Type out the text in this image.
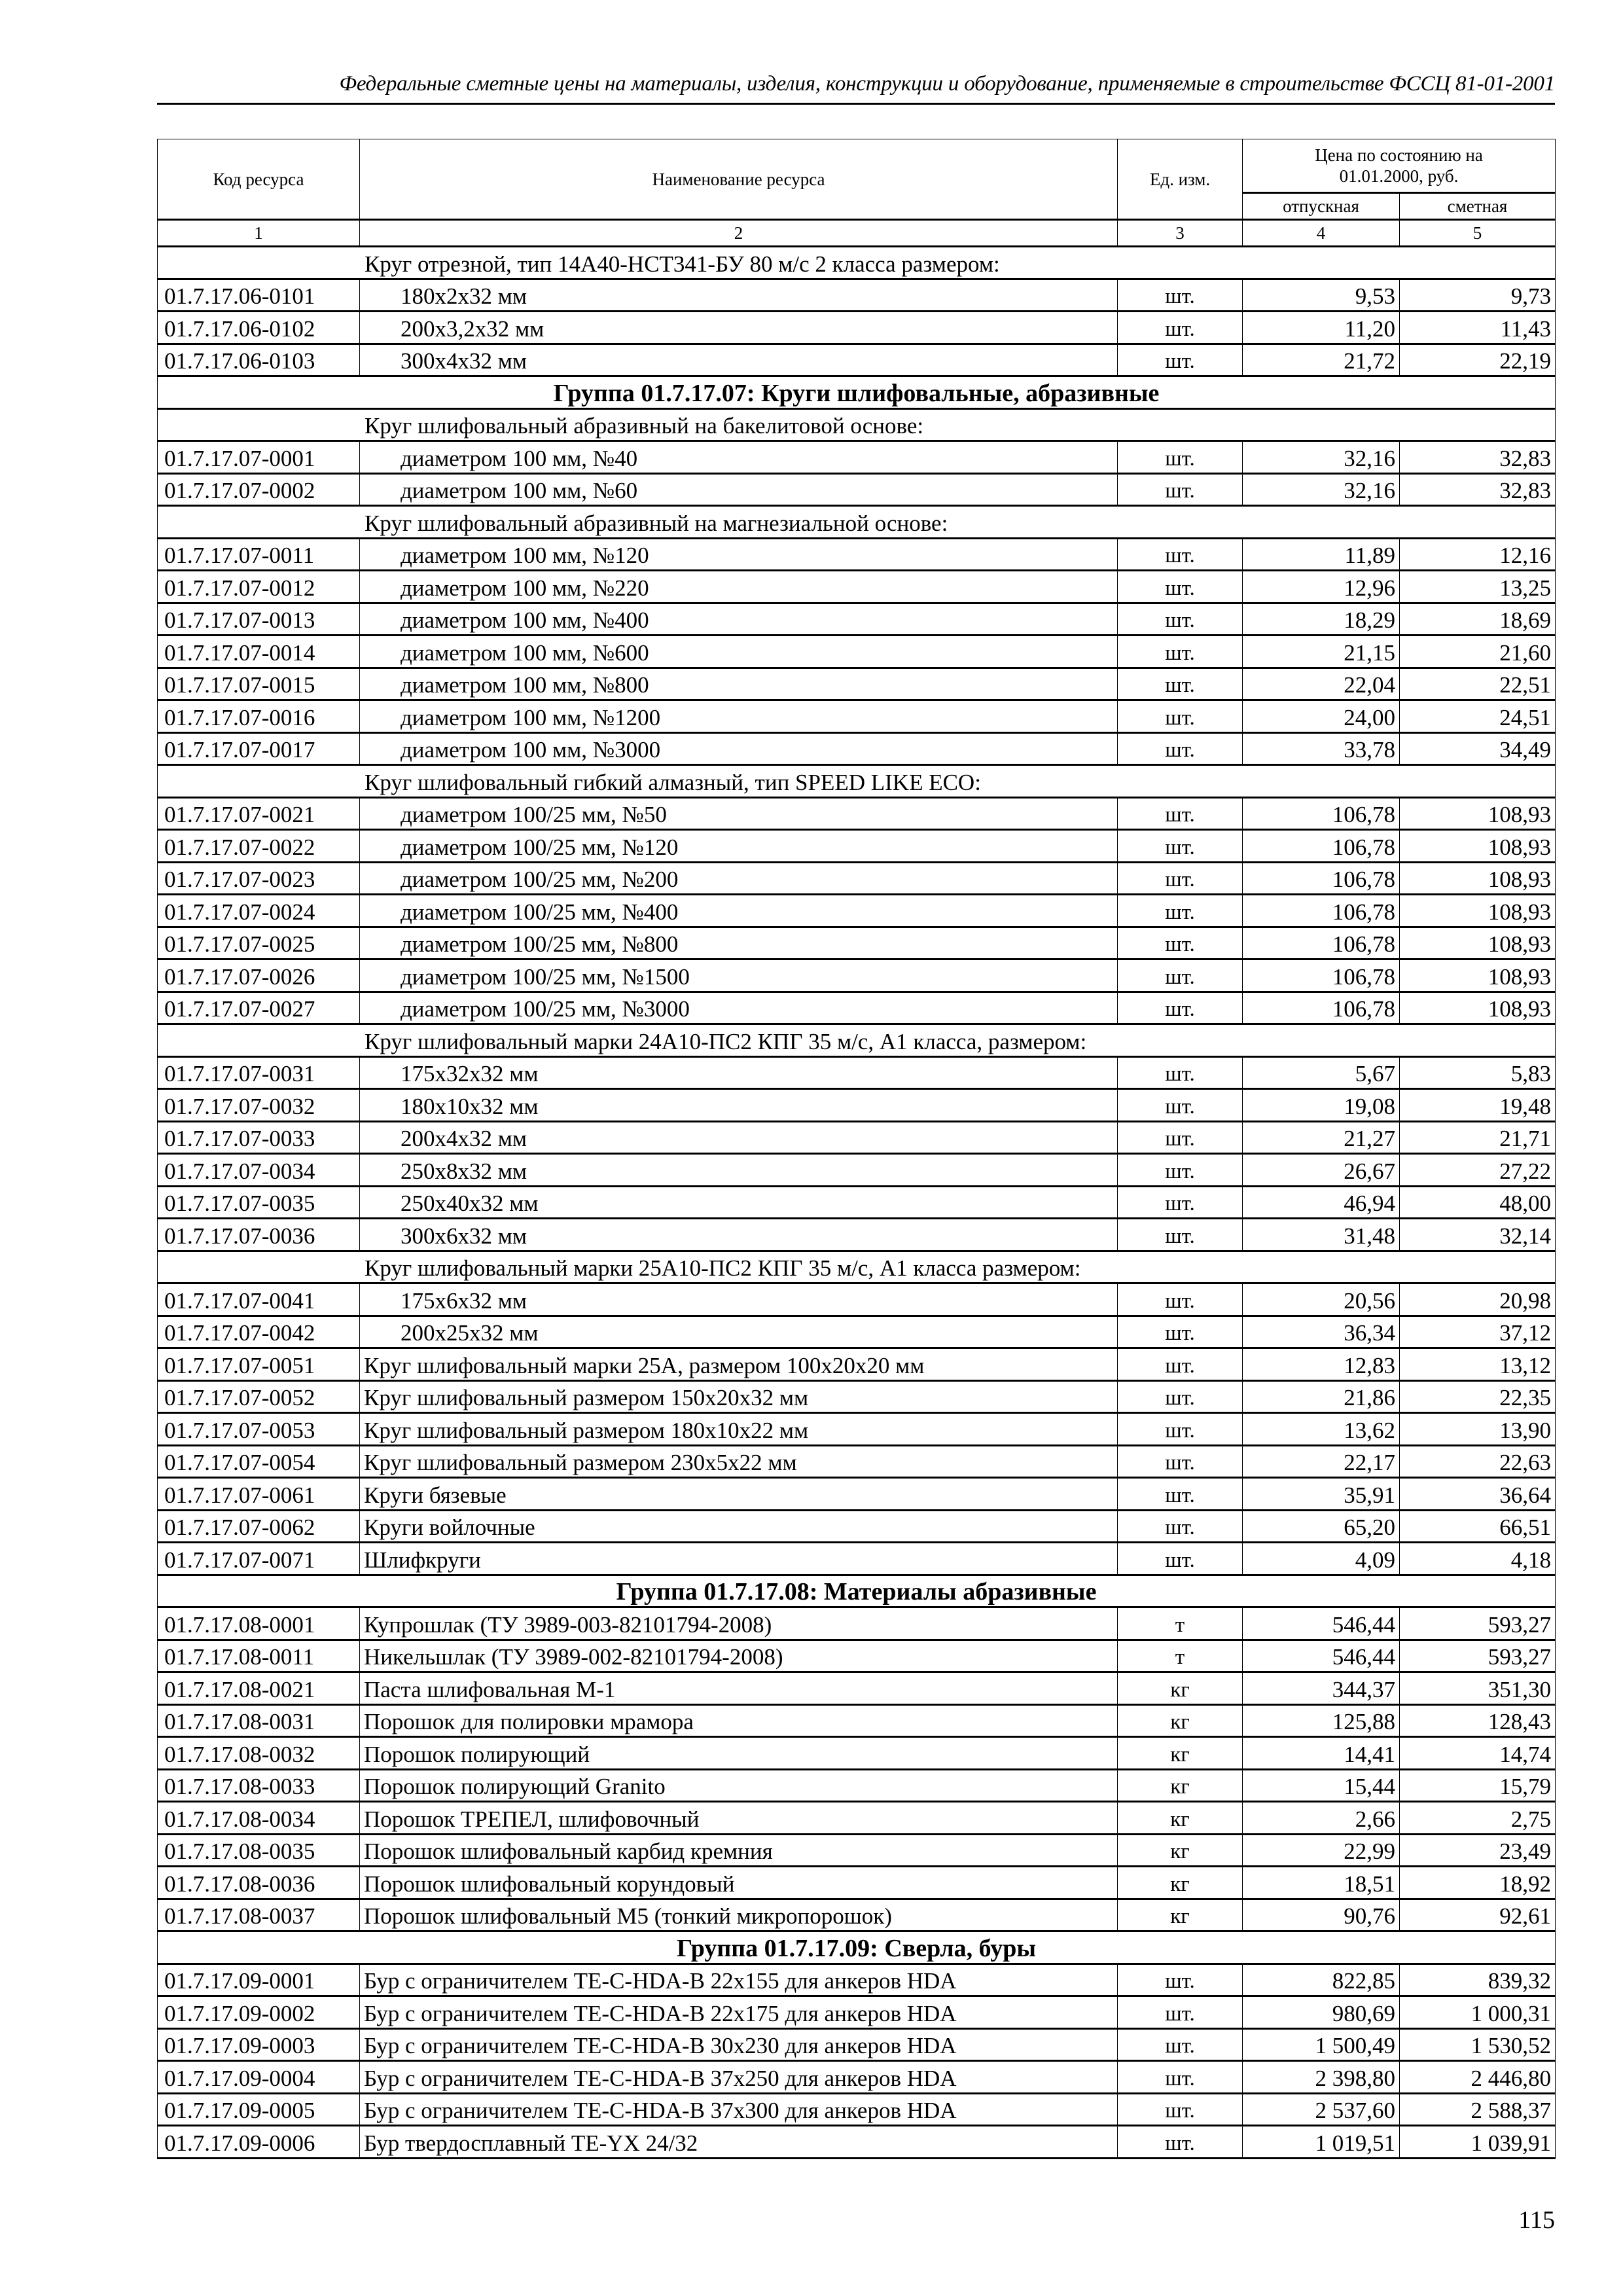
Федеральные сметные цены на материалы, изделия, конструкции и оборудование, применяемые в строительстве ФССЦ 81-01-2001
Код ресурса	Наименование ресурса	Ед. изм.	Цена по состоянию на 01.01.2000, руб.	
			отпускная	сметная
1	2	3	4	5
Круг отрезной, тип 14А40-НСТ341-БУ 80 м/с 2 класса размером:				
01.7.17.06-0101	180х2х32 мм	шт.	9,53	9,73
01.7.17.06-0102	200х3,2х32 мм	шт.	11,20	11,43
01.7.17.06-0103	300х4х32 мм	шт.	21,72	22,19
Группа 01.7.17.07: Круги шлифовальные, абразивные				
Круг шлифовальный абразивный на бакелитовой основе:				
01.7.17.07-0001	диаметром 100 мм, №40	шт.	32,16	32,83
01.7.17.07-0002	диаметром 100 мм, №60	шт.	32,16	32,83
Круг шлифовальный абразивный на магнезиальной основе:				
01.7.17.07-0011	диаметром 100 мм, №120	шт.	11,89	12,16
01.7.17.07-0012	диаметром 100 мм, №220	шт.	12,96	13,25
01.7.17.07-0013	диаметром 100 мм, №400	шт.	18,29	18,69
01.7.17.07-0014	диаметром 100 мм, №600	шт.	21,15	21,60
01.7.17.07-0015	диаметром 100 мм, №800	шт.	22,04	22,51
01.7.17.07-0016	диаметром 100 мм, №1200	шт.	24,00	24,51
01.7.17.07-0017	диаметром 100 мм, №3000	шт.	33,78	34,49
Круг шлифовальный гибкий алмазный, тип SPEED LIKE ECO:				
01.7.17.07-0021	диаметром 100/25 мм, №50	шт.	106,78	108,93
01.7.17.07-0022	диаметром 100/25 мм, №120	шт.	106,78	108,93
01.7.17.07-0023	диаметром 100/25 мм, №200	шт.	106,78	108,93
01.7.17.07-0024	диаметром 100/25 мм, №400	шт.	106,78	108,93
01.7.17.07-0025	диаметром 100/25 мм, №800	шт.	106,78	108,93
01.7.17.07-0026	диаметром 100/25 мм, №1500	шт.	106,78	108,93
01.7.17.07-0027	диаметром 100/25 мм, №3000	шт.	106,78	108,93
Круг шлифовальный марки 24А10-ПС2 КПГ 35 м/с, А1 класса, размером:				
01.7.17.07-0031	175х32х32 мм	шт.	5,67	5,83
01.7.17.07-0032	180х10х32 мм	шт.	19,08	19,48
01.7.17.07-0033	200х4х32 мм	шт.	21,27	21,71
01.7.17.07-0034	250х8х32 мм	шт.	26,67	27,22
01.7.17.07-0035	250х40х32 мм	шт.	46,94	48,00
01.7.17.07-0036	300х6х32 мм	шт.	31,48	32,14
Круг шлифовальный марки 25А10-ПС2 КПГ 35 м/с, А1 класса размером:				
01.7.17.07-0041	175х6х32 мм	шт.	20,56	20,98
01.7.17.07-0042	200х25х32 мм	шт.	36,34	37,12
01.7.17.07-0051	Круг шлифовальный марки 25А, размером 100х20х20 мм	шт.	12,83	13,12
01.7.17.07-0052	Круг шлифовальный размером 150х20х32 мм	шт.	21,86	22,35
01.7.17.07-0053	Круг шлифовальный размером 180х10х22 мм	шт.	13,62	13,90
01.7.17.07-0054	Круг шлифовальный размером 230х5х22 мм	шт.	22,17	22,63
01.7.17.07-0061	Круги бязевые	шт.	35,91	36,64
01.7.17.07-0062	Круги войлочные	шт.	65,20	66,51
01.7.17.07-0071	Шлифкруги	шт.	4,09	4,18
Группа 01.7.17.08: Материалы абразивные				
01.7.17.08-0001	Купрошлак (ТУ 3989-003-82101794-2008)	т	546,44	593,27
01.7.17.08-0011	Никельшлак (ТУ 3989-002-82101794-2008)	т	546,44	593,27
01.7.17.08-0021	Паста шлифовальная М-1	кг	344,37	351,30
01.7.17.08-0031	Порошок для полировки мрамора	кг	125,88	128,43
01.7.17.08-0032	Порошок полирующий	кг	14,41	14,74
01.7.17.08-0033	Порошок полирующий Granito	кг	15,44	15,79
01.7.17.08-0034	Порошок ТРЕПЕЛ, шлифовочный	кг	2,66	2,75
01.7.17.08-0035	Порошок шлифовальный карбид кремния	кг	22,99	23,49
01.7.17.08-0036	Порошок шлифовальный корундовый	кг	18,51	18,92
01.7.17.08-0037	Порошок шлифовальный М5 (тонкий микропорошок)	кг	90,76	92,61
Группа 01.7.17.09: Сверла, буры				
01.7.17.09-0001	Бур с ограничителем TE-C-HDA-B 22х155 для анкеров HDA	шт.	822,85	839,32
01.7.17.09-0002	Бур с ограничителем TE-C-HDA-B 22х175 для анкеров HDA	шт.	980,69	1 000,31
01.7.17.09-0003	Бур с ограничителем TE-C-HDA-B 30х230 для анкеров HDA	шт.	1 500,49	1 530,52
01.7.17.09-0004	Бур с ограничителем TE-C-HDA-B 37х250 для анкеров HDA	шт.	2 398,80	2 446,80
01.7.17.09-0005	Бур с ограничителем TE-C-HDA-B 37х300 для анкеров HDA	шт.	2 537,60	2 588,37
01.7.17.09-0006	Бур твердосплавный TE-YX 24/32	шт.	1 019,51	1 039,91
115
